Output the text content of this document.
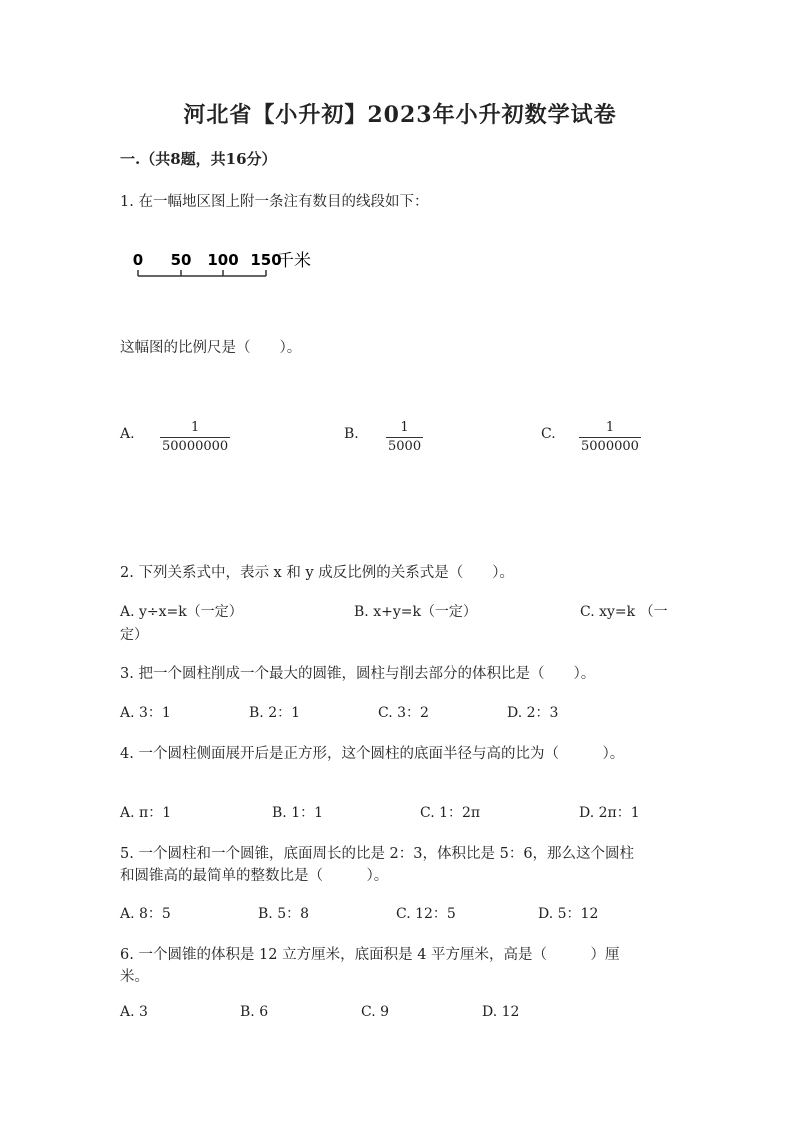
河北省【小升初】2023年小升初数学试卷
一.（共8题，共16分）
1. 在一幅地区图上附一条注有数目的线段如下：
0 50 100 150
千米
这幅图的比例尺是（　　）。
A.	1
50000000
B.	1
5000
C.	1
5000000
2. 下列关系式中，表示 x 和 y 成反比例的关系式是（　　）。
A. y÷x=k（一定）	B. x+y=k（一定）	C. xy=k （一
定）
3. 把一个圆柱削成一个最大的圆锥，圆柱与削去部分的体积比是（　　）。
A. 3：1	B. 2：1	C. 3：2	D. 2：3
4. 一个圆柱侧面展开后是正方形，这个圆柱的底面半径与高的比为（　　　）。
A. π：1	B. 1：1	C. 1：2π	D. 2π：1
5. 一个圆柱和一个圆锥，底面周长的比是 2：3，体积比是 5：6，那么这个圆柱
和圆锥高的最简单的整数比是（　　　）。
A. 8：5	B. 5：8	C. 12：5	D. 5：12
6. 一个圆锥的体积是 12 立方厘米，底面积是 4 平方厘米，高是（　　　）厘
米。
A. 3	B. 6	C. 9	D. 12
